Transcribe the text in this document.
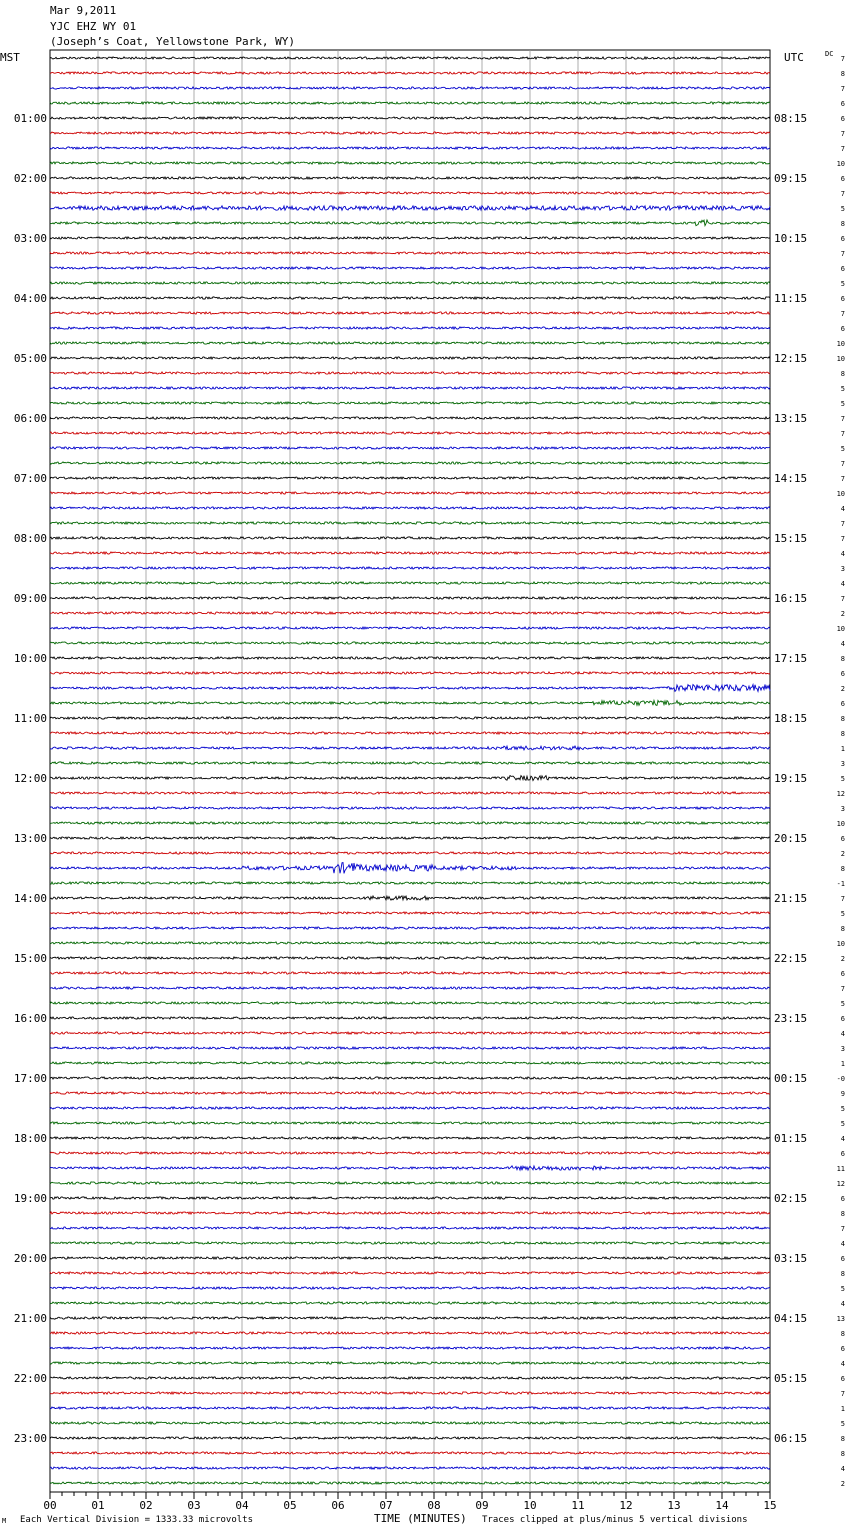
Mar 9,2011
YJC EHZ WY 01
(Joseph’s Coat, Yellowstone Park, WY)
MST	UTC	DC
01:00
02:00
03:00
04:00
05:00
06:00
07:00
08:00
09:00
10:00
11:00
12:00
13:00
14:00
15:00
16:00
17:00
18:00
19:00
20:00
21:00
22:00
23:00
08:15
09:15
10:15
11:15
12:15
13:15
14:15
15:15
16:15
17:15
18:15
19:15
20:15
21:15
22:15
23:15
00:15
01:15
02:15
03:15
04:15
05:15
06:15
7
8
7
6
6
7
7
10
6
7
5
8
6
7
6
5
6
7
6
10
10
8
5
5
7
7
5
7
7
10
4
7
7
4
3
4
7
2
10
4
8
6
2
6
8
8
1
3
5
12
3
10
6
2
8
-1
7
5
8
10
2
6
7
5
6
4
3
1
-0
9
5
5
4
6
11
12
6
8
7
4
6
8
5
4
13
8
6
4
6
7
1
5
8
8
4
2
00	01	02	03	04	05	06	07	08	09	10	11	12	13	14	15
M Each Vertical Division = 1333.33 microvolts	TIME (MINUTES) Traces clipped at plus/minus 5 vertical divisions
